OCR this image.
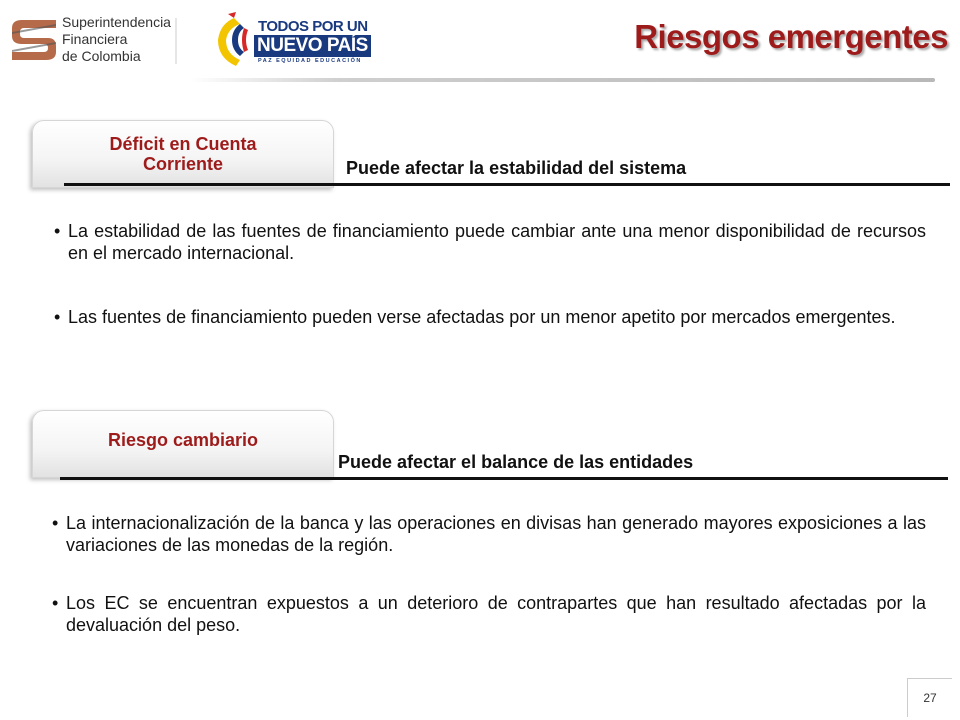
Superintendencia
Financiera
de Colombia
TODOS POR UN
NUEVO PAÍS
PAZ EQUIDAD EDUCACIÓN
Riesgos emergentes
Déficit en Cuenta Corriente	Puede afectar la estabilidad del sistema
• La estabilidad de las fuentes de financiamiento puede cambiar ante una menor disponibilidad de recursos en el mercado internacional.
• Las fuentes de financiamiento pueden verse afectadas por un menor apetito por mercados emergentes.
Riesgo cambiario
Puede afectar el balance de las entidades
• La internacionalización de la banca y las operaciones en divisas han generado mayores exposiciones a las variaciones de las monedas de la región.
• Los EC se encuentran expuestos a un deterioro de contrapartes que han resultado afectadas por la devaluación del peso.
27
